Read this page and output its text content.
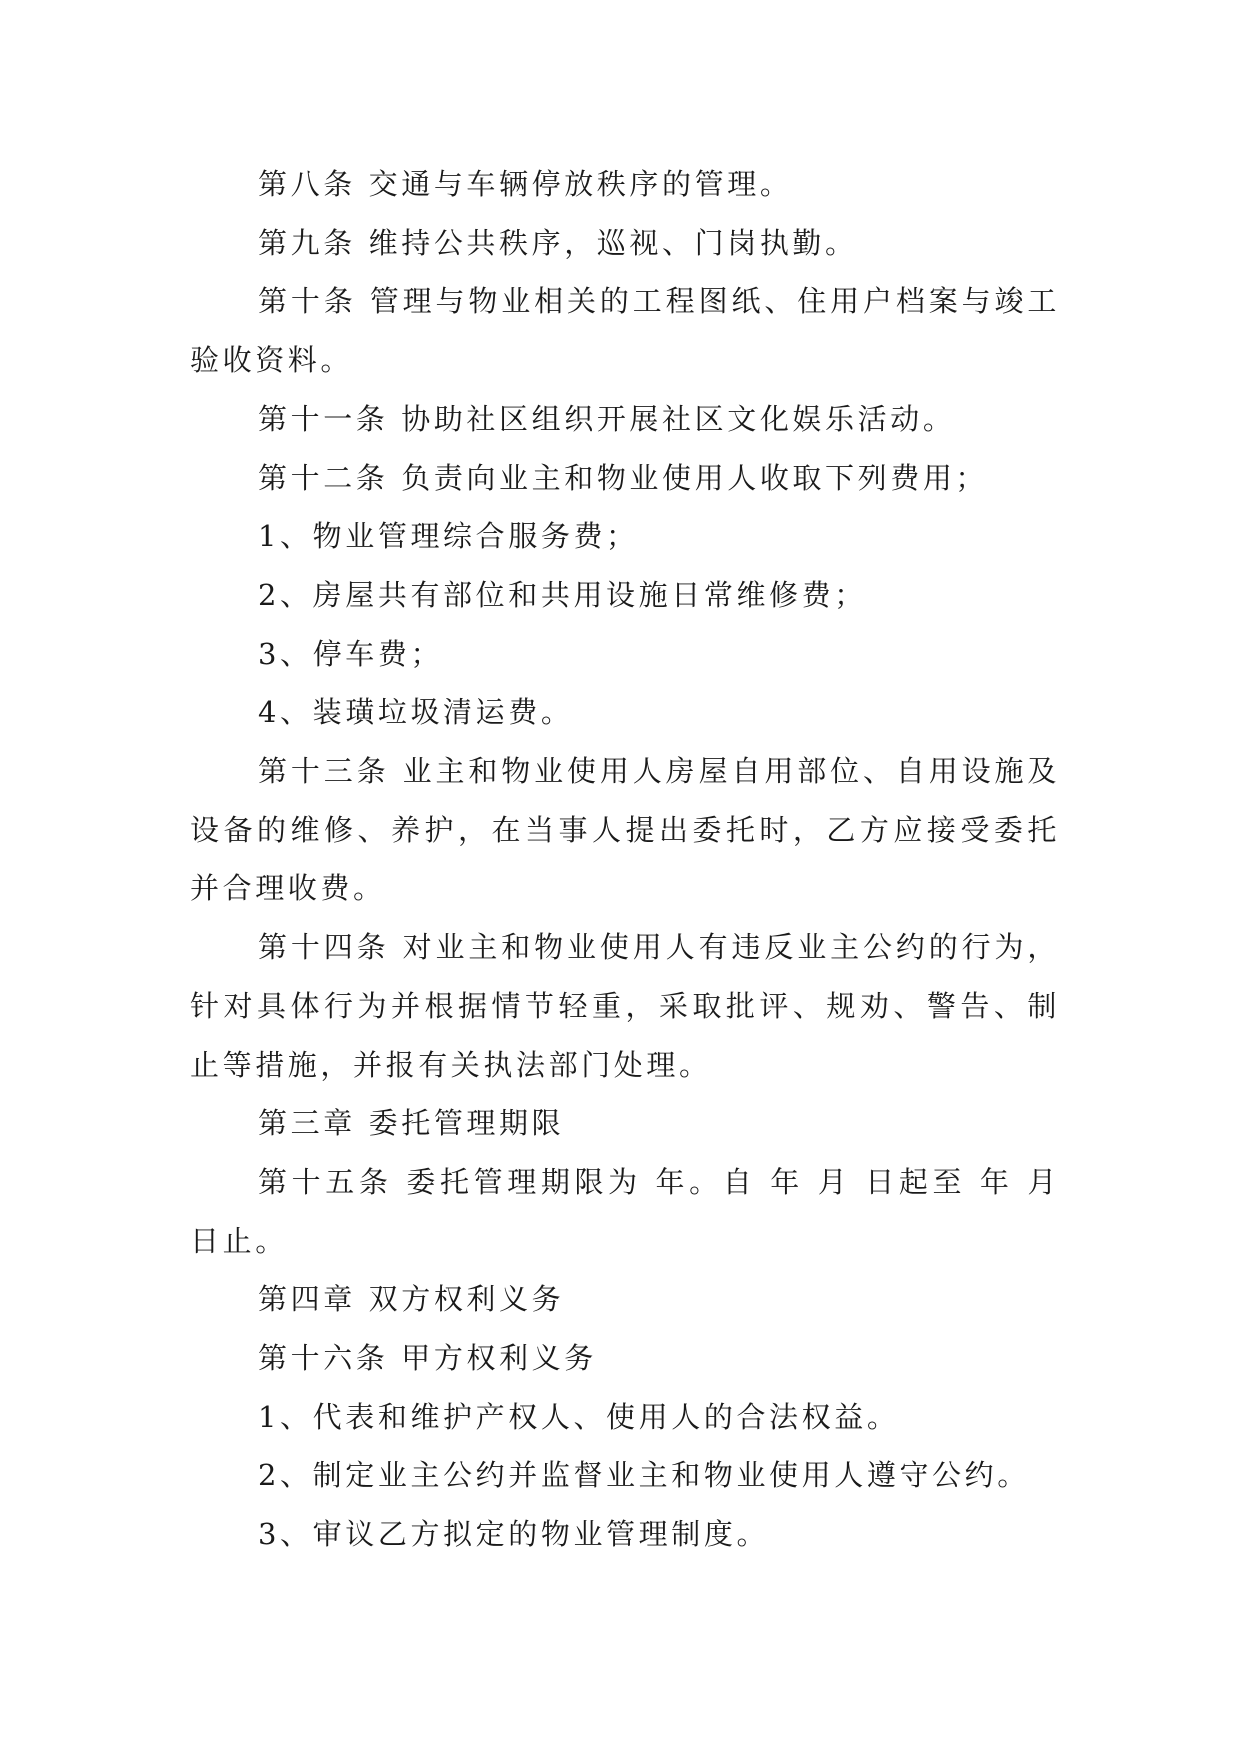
第八条 交通与车辆停放秩序的管理。

第九条 维持公共秩序，巡视、门岗执勤。

第十条 管理与物业相关的工程图纸、住用户档案与竣工验收资料。

第十一条 协助社区组织开展社区文化娱乐活动。

第十二条 负责向业主和物业使用人收取下列费用；

1、物业管理综合服务费；

2、房屋共有部位和共用设施日常维修费；

3、停车费；

4、装璜垃圾清运费。

第十三条 业主和物业使用人房屋自用部位、自用设施及设备的维修、养护，在当事人提出委托时，乙方应接受委托并合理收费。

第十四条 对业主和物业使用人有违反业主公约的行为，针对具体行为并根据情节轻重，采取批评、规劝、警告、制止等措施，并报有关执法部门处理。

第三章 委托管理期限

第十五条 委托管理期限为 年。自 年 月 日起至 年 月 日止。

第四章 双方权利义务

第十六条 甲方权利义务

1、代表和维护产权人、使用人的合法权益。

2、制定业主公约并监督业主和物业使用人遵守公约。

3、审议乙方拟定的物业管理制度。
